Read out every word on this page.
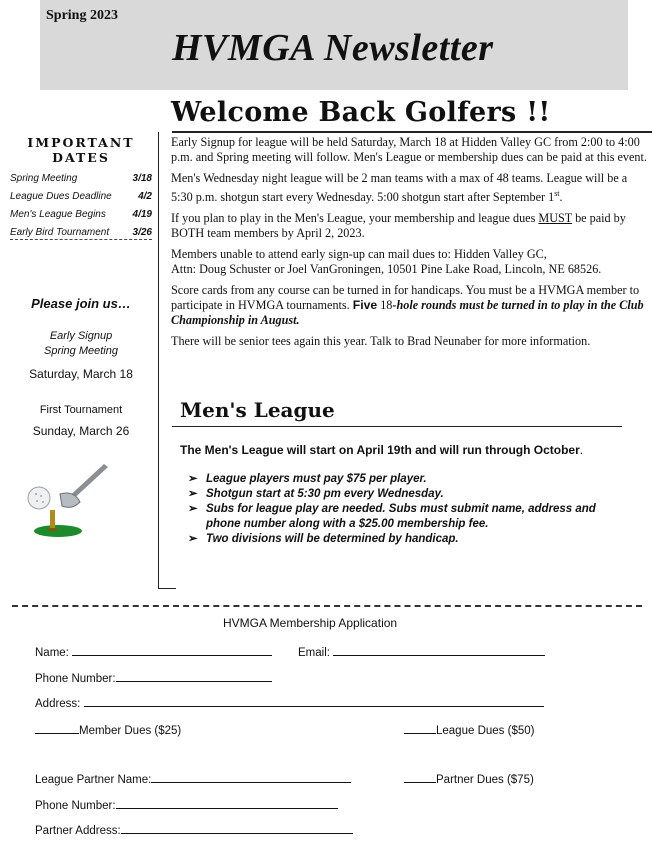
Spring 2023
HVMGA Newsletter
Welcome Back Golfers !!
IMPORTANT DATES
Spring Meeting	3/18
League Dues Deadline	4/2
Men's League Begins	4/19
Early Bird Tournament 3/26
Please join us…
Early Signup
Spring Meeting
Saturday, March 18
First Tournament
Sunday, March 26

Early Signup for league will be held Saturday, March 18 at Hidden Valley GC from 2:00 to 4:00 p.m. and Spring meeting will follow. Men's League or membership dues can be paid at this event.

Men's Wednesday night league will be 2 man teams with a max of 48 teams. League will be a 5:30 p.m. shotgun start every Wednesday. 5:00 shotgun start after September 1st.

If you plan to play in the Men's League, your membership and league dues MUST be paid by BOTH team members by April 2, 2023.

Members unable to attend early sign-up can mail dues to: Hidden Valley GC,
Attn: Doug Schuster or Joel VanGroningen, 10501 Pine Lake Road, Lincoln, NE 68526.

Score cards from any course can be turned in for handicaps. You must be a HVMGA member to participate in HVMGA tournaments. Five 18-hole rounds must be turned in to play in the Club Championship in August.

There will be senior tees again this year. Talk to Brad Neunaber for more information.

Men's League
The Men's League will start on April 19th and will run through October.
➢ League players must pay $75 per player.
➢ Shotgun start at 5:30 pm every Wednesday.
➢ Subs for league play are needed. Subs must submit name, address and phone number along with a $25.00 membership fee.
➢ Two divisions will be determined by handicap.
HVMGA Membership Application
Name:	Email:
Phone Number:
Address:
Member Dues ($25)	League Dues ($50)
League Partner Name:	Partner Dues ($75)
Phone Number:
Partner Address:
